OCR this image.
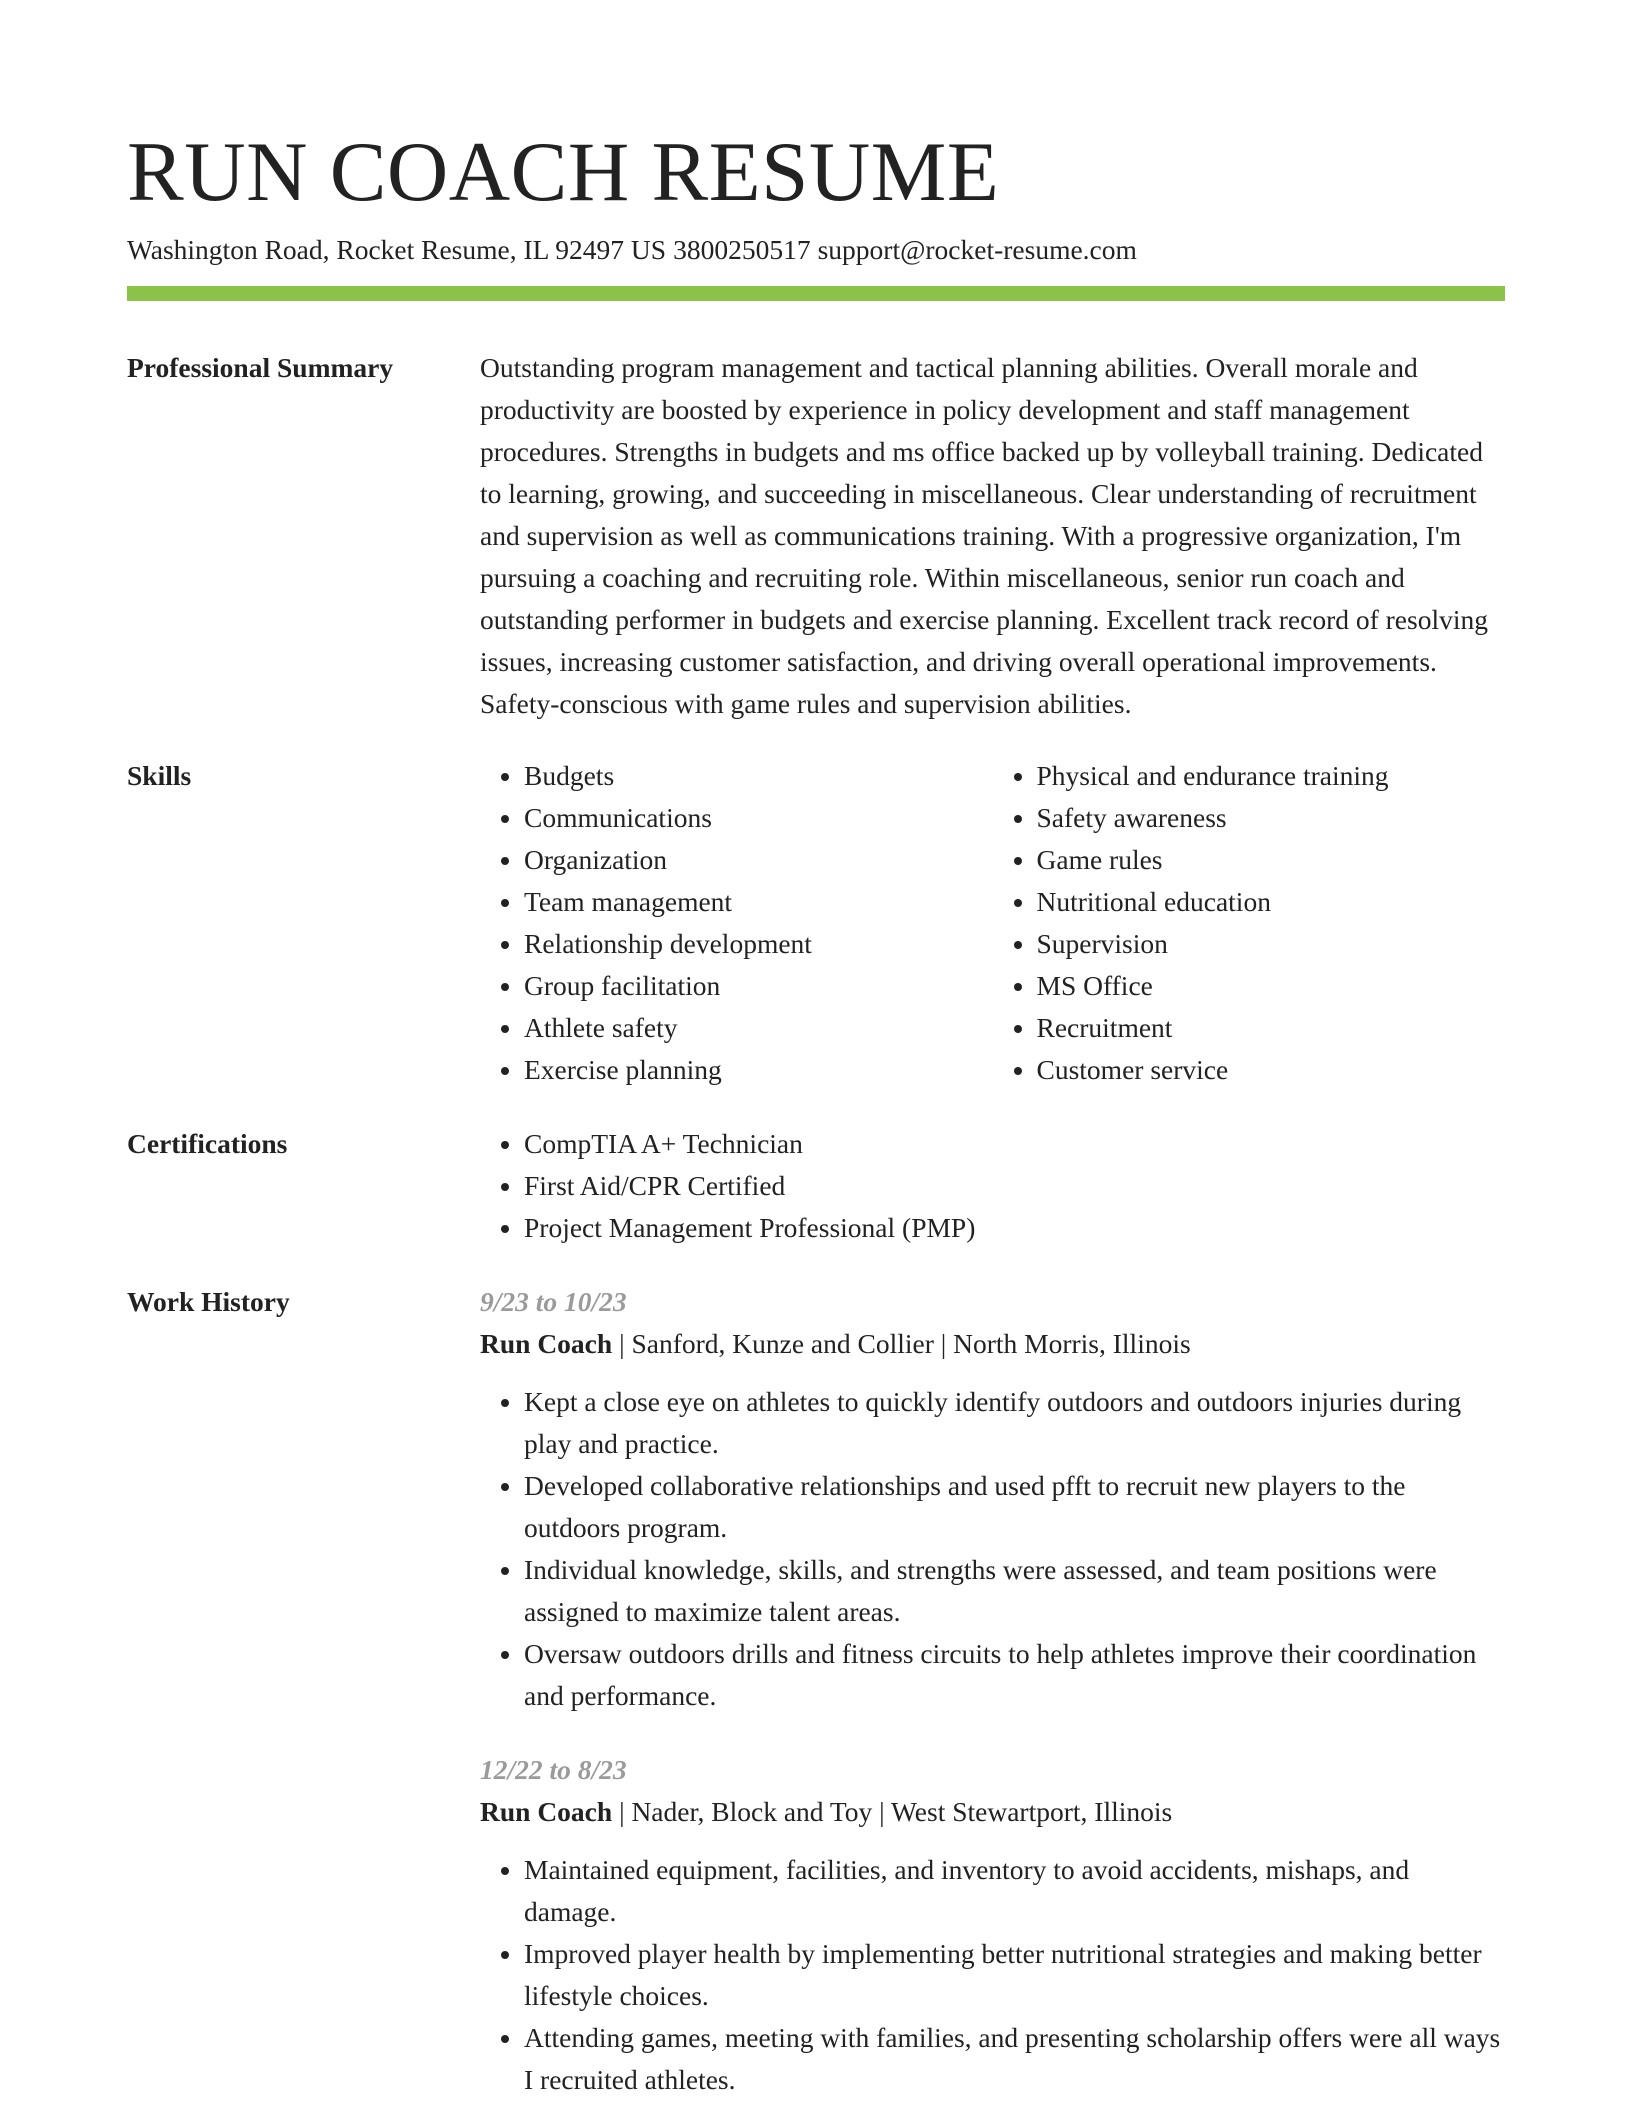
RUN COACH RESUME
Washington Road, Rocket Resume, IL 92497 US 3800250517 support@rocket-resume.com
Professional Summary	Outstanding program management and tactical planning abilities. Overall morale and productivity are boosted by experience in policy development and staff management procedures. Strengths in budgets and ms office backed up by volleyball training. Dedicated to learning, growing, and succeeding in miscellaneous. Clear understanding of recruitment and supervision as well as communications training. With a progressive organization, I'm pursuing a coaching and recruiting role. Within miscellaneous, senior run coach and outstanding performer in budgets and exercise planning. Excellent track record of resolving issues, increasing customer satisfaction, and driving overall operational improvements. Safety-conscious with game rules and supervision abilities.

Skills	• Budgets
• Communications
• Organization
• Team management
• Relationship development
• Group facilitation
• Athlete safety
• Exercise planning
• Physical and endurance training
• Safety awareness
• Game rules
• Nutritional education
• Supervision
• MS Office
• Recruitment
• Customer service
Certifications	• CompTIA A+ Technician
• First Aid/CPR Certified
• Project Management Professional (PMP)
Work History	9/23 to 10/23
Run Coach | Sanford, Kunze and Collier | North Morris, Illinois
• Kept a close eye on athletes to quickly identify outdoors and outdoors injuries during play and practice.
• Developed collaborative relationships and used pfft to recruit new players to the outdoors program.
• Individual knowledge, skills, and strengths were assessed, and team positions were assigned to maximize talent areas.
• Oversaw outdoors drills and fitness circuits to help athletes improve their coordination and performance.
12/22 to 8/23
Run Coach | Nader, Block and Toy | West Stewartport, Illinois
• Maintained equipment, facilities, and inventory to avoid accidents, mishaps, and damage.
• Improved player health by implementing better nutritional strategies and making better lifestyle choices.
• Attending games, meeting with families, and presenting scholarship offers were all ways I recruited athletes.
